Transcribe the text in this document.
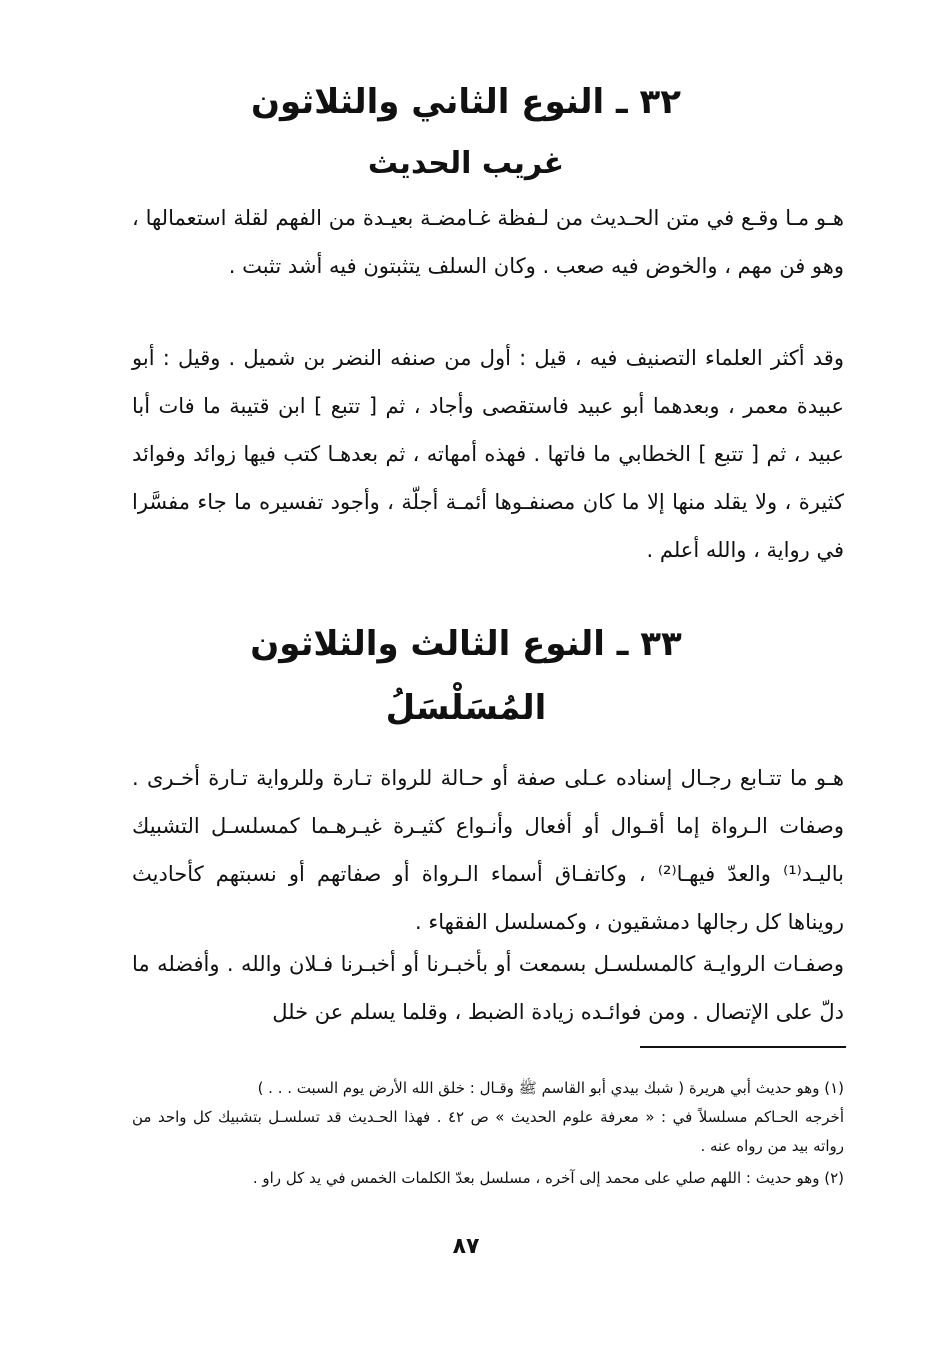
٣٢ ـ النوع الثاني والثلاثون
غريب الحديث

هـو مـا وقـع في متن الحـديث من لـفظة غـامضـة بعيـدة من الفهم لقلة استعمالها ، وهو فن مهم ، والخوض فيه صعب . وكان السلف يتثبتون فيه أشد تثبت .

وقد أكثر العلماء التصنيف فيه ، قيل : أول من صنفه النضر بن شميل . وقيل : أبو عبيدة معمر ، وبعدهما أبو عبيد فاستقصى وأجاد ، ثم [ تتبع ] ابن قتيبة ما فات أبا عبيد ، ثم [ تتبع ] الخطابي ما فاتها . فهذه أمهاته ، ثم بعدهـا كتب فيها زوائد وفوائد كثيرة ، ولا يقلد منها إلا ما كان مصنفـوها أئمـة أجلّة ، وأجود تفسيره ما جاء مفسَّرا في رواية ، والله أعلم .

٣٣ ـ النوع الثالث والثلاثون
المُسَلْسَلُ

هـو ما تتـابع رجـال إسناده عـلى صفة أو حـالة للرواة تـارة وللرواية تـارة أخـرى . وصفات الـرواة إما أقـوال أو أفعال وأنـواع كثيـرة غيـرهـما كمسلسـل التشبيك باليـد⁽¹⁾ والعدّ فيهـا⁽²⁾ ، وكاتفـاق أسماء الـرواة أو صفاتهم أو نسبتهم كأحاديث رويناها كل رجالها دمشقيون ، وكمسلسل الفقهاء .

وصفـات الروايـة كالمسلسـل بسمعت أو بأخبـرنا أو أخبـرنا فـلان والله . وأفضله ما دلّ على الإتصال . ومن فوائـده زيادة الضبط ، وقلما يسلم عن خلل

(١) وهو حديث أبي هريرة ( شبك بيدي أبو القاسم ﷺ وقـال : خلق الله الأرض يوم السبت . . . )

أخرجه الحـاكم مسلسلاً في : « معرفة علوم الحديث » ص ٤٢ . فهذا الحـديث قد تسلسـل بتشبيك كل واحد من رواته بيد من رواه عنه .

(٢) وهو حديث : اللهم صلي على محمد إلى آخره ، مسلسل بعدّ الكلمات الخمس في يد كل راو .

٨٧
